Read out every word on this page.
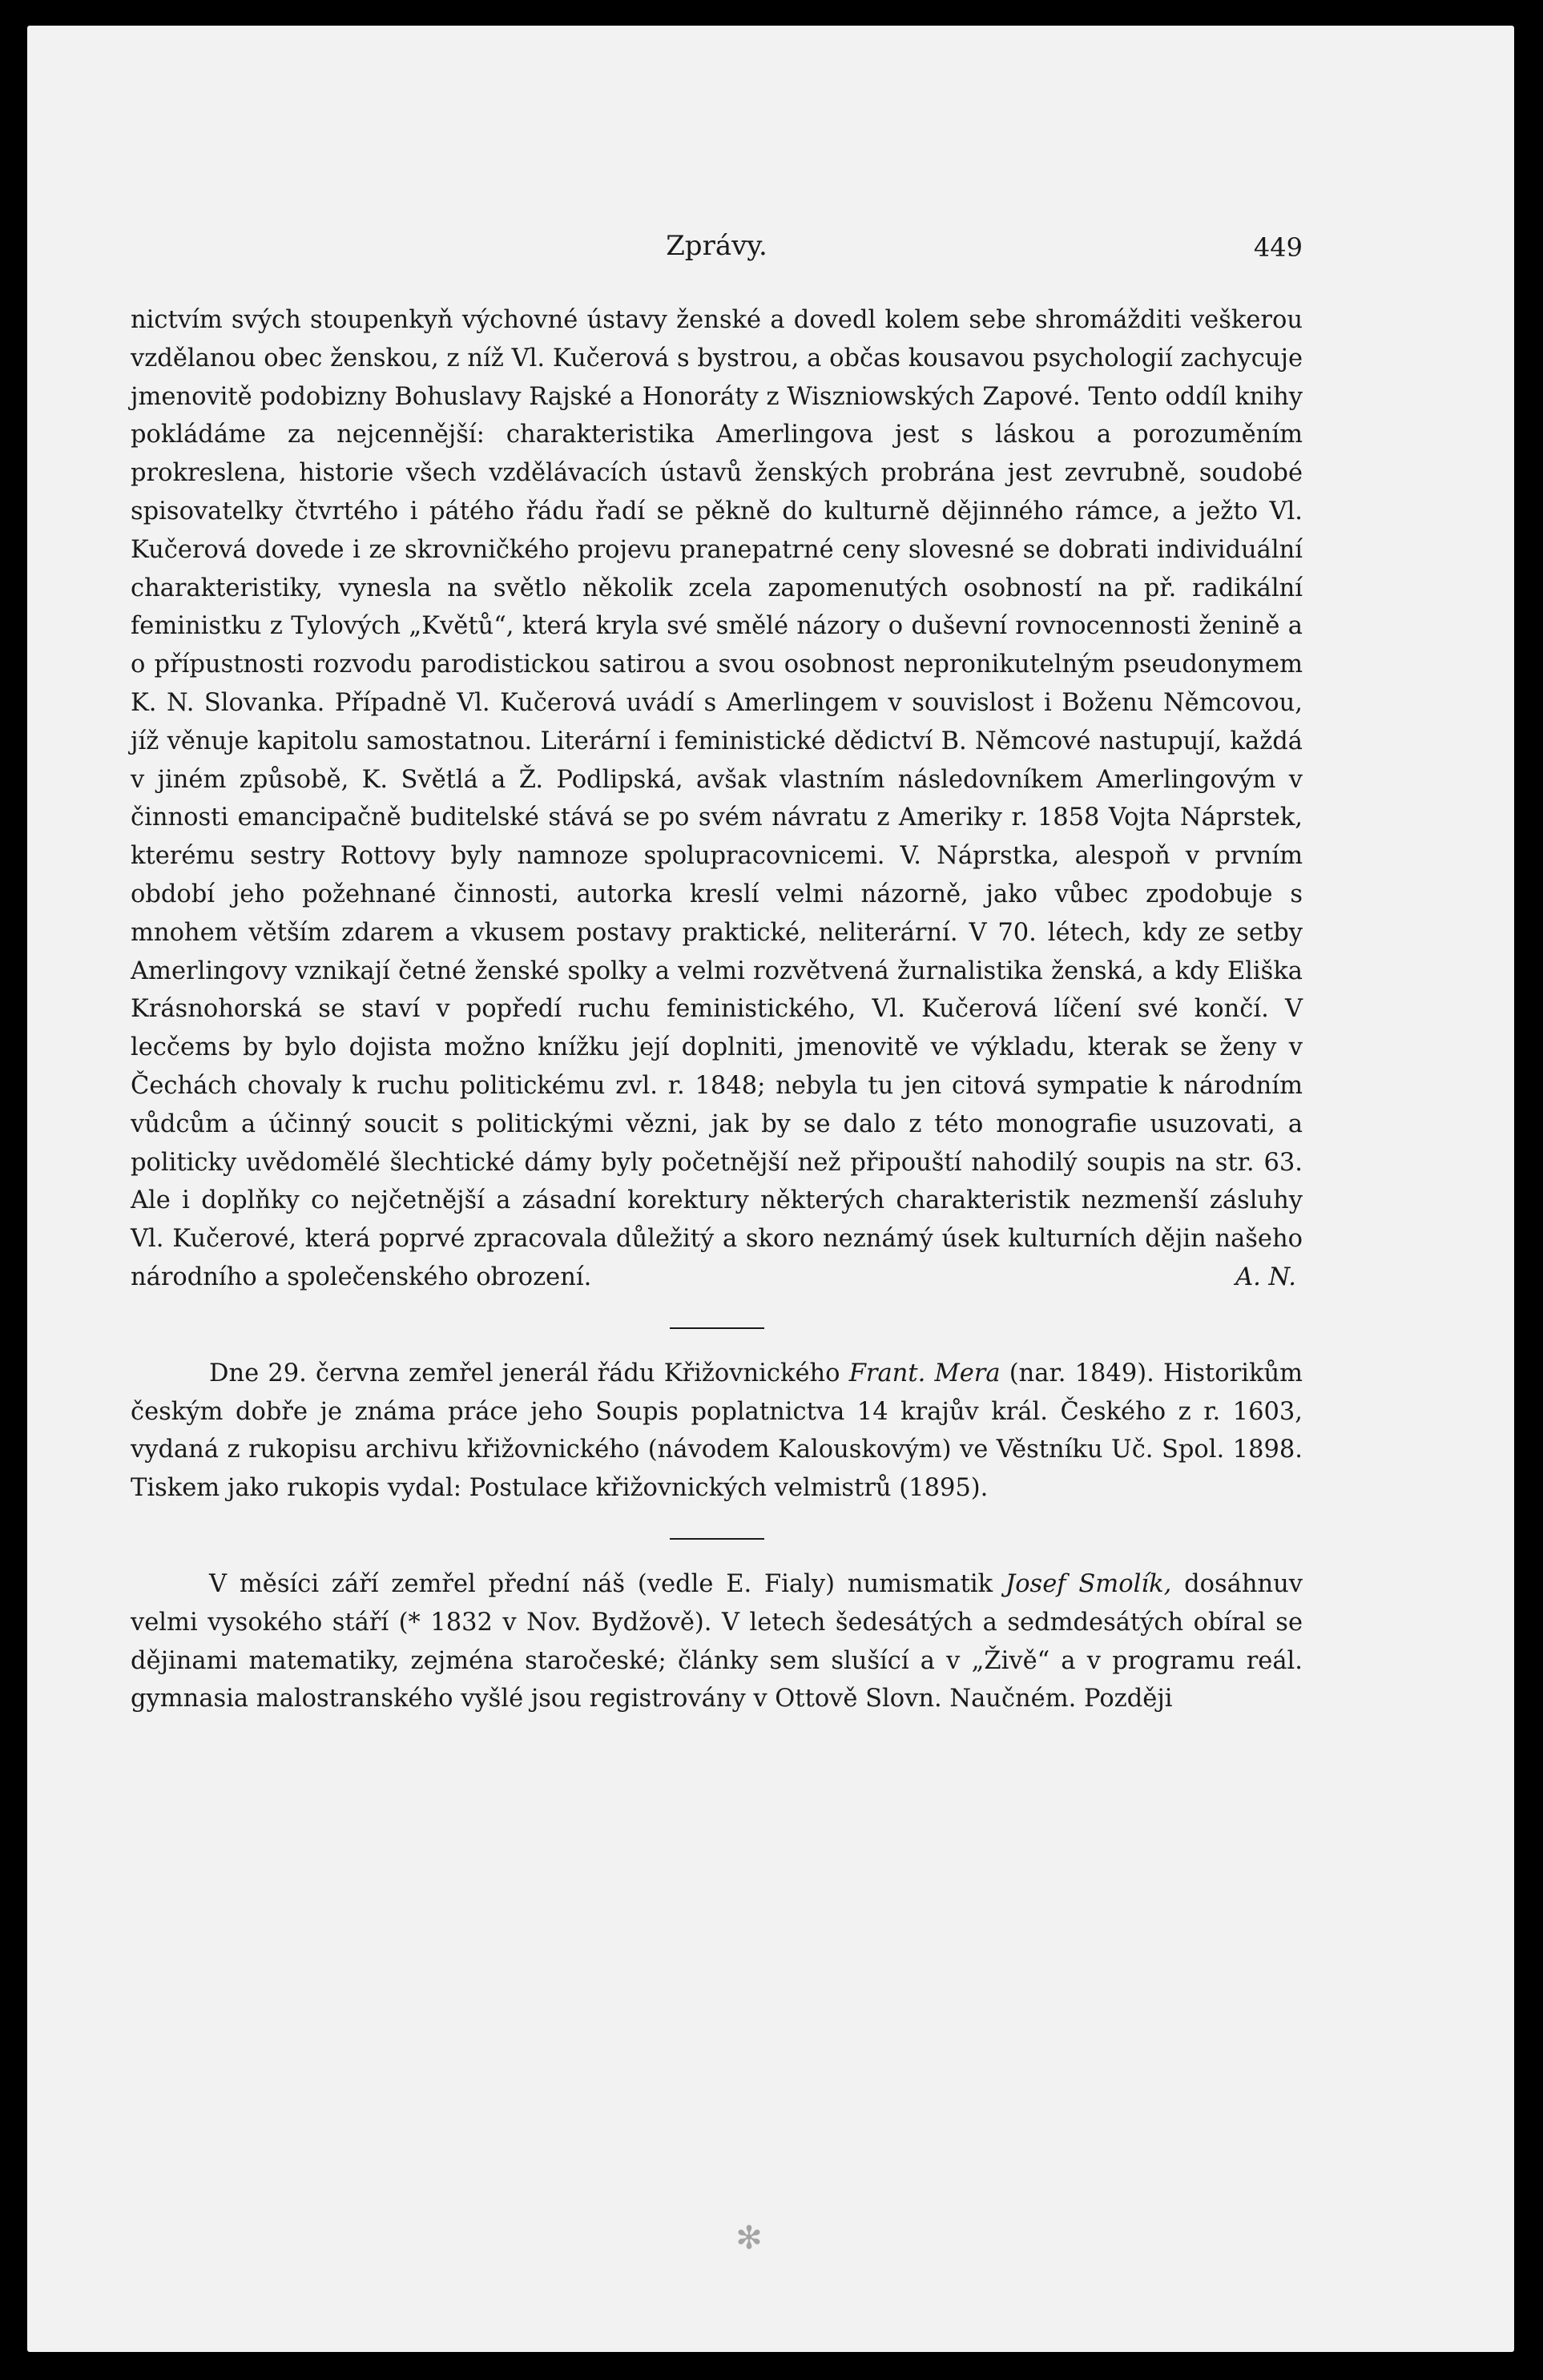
Zprávy.	449

nictvím svých stoupenkyň výchovné ústavy ženské a dovedl kolem sebe shromážditi veškerou vzdělanou obec ženskou, z níž Vl. Kučerová s bystrou, a občas kousavou psychologií zachycuje jmenovitě podobizny Bohuslavy Rajské a Honoráty z Wiszniowských Zapové. Tento oddíl knihy pokládáme za nejcennější: charakteristika Amerlingova jest s láskou a porozuměním prokreslena, historie všech vzdělávacích ústavů ženských probrána jest zevrubně, soudobé spisovatelky čtvrtého i pátého řádu řadí se pěkně do kulturně dějinného rámce, a ježto Vl. Kučerová dovede i ze skrovničkého projevu pranepatrné ceny slovesné se dobrati individuální charakteristiky, vynesla na světlo několik zcela zapomenutých osobností na př. radikální feministku z Tylových „Květů“, která kryla své smělé názory o duševní rovnocennosti ženině a o přípustnosti rozvodu parodistickou satirou a svou osobnost nepronikutelným pseudonymem K. N. Slovanka. Případně Vl. Kučerová uvádí s Amerlingem v souvislost i Boženu Němcovou, jíž věnuje kapitolu samostatnou. Literární i feministické dědictví B. Němcové nastupují, každá v jiném způsobě, K. Světlá a Ž. Podlipská, avšak vlastním následovníkem Amerlingovým v činnosti emancipačně buditelské stává se po svém návratu z Ameriky r. 1858 Vojta Náprstek, kterému sestry Rottovy byly namnoze spolupracovnicemi. V. Náprstka, alespoň v prvním období jeho požehnané činnosti, autorka kreslí velmi názorně, jako vůbec zpodobuje s mnohem větším zdarem a vkusem postavy praktické, neliterární. V 70. létech, kdy ze setby Amerlingovy vznikají četné ženské spolky a velmi rozvětvená žurnalistika ženská, a kdy Eliška Krásnohorská se staví v popředí ruchu feministického, Vl. Kučerová líčení své končí. V lecčems by bylo dojista možno knížku její doplniti, jmenovitě ve výkladu, kterak se ženy v Čechách chovaly k ruchu politickému zvl. r. 1848; nebyla tu jen citová sympatie k národním vůdcům a účinný soucit s politickými vězni, jak by se dalo z této monografie usuzovati, a politicky uvědomělé šlechtické dámy byly početnější než připouští nahodilý soupis na str. 63. Ale i doplňky co nejčetnější a zásadní korektury některých charakteristik nezmenší zásluhy Vl. Kučerové, která poprvé zpracovala důležitý a skoro neznámý úsek kulturních dějin našeho národního a společenského obrození.	A. N.

Dne 29. června zemřel jenerál řádu Křižovnického Frant. Mera (nar. 1849). Historikům českým dobře je známa práce jeho Soupis poplatnictva 14 krajův král. Českého z r. 1603, vydaná z rukopisu archivu křižovnického (návodem Kalouskovým) ve Věstníku Uč. Spol. 1898. Tiskem jako rukopis vydal: Postulace křižovnických velmistrů (1895).

V měsíci září zemřel přední náš (vedle E. Fialy) numismatik Josef Smolík, dosáhnuv velmi vysokého stáří (* 1832 v Nov. Bydžově). V letech šedesátých a sedmdesátých obíral se dějinami matematiky, zejména staročeské; články sem slušící a v „Živě“ a v programu reál. gymnasia malostranského vyšlé jsou registrovány v Ottově Slovn. Naučném. Později

✻
